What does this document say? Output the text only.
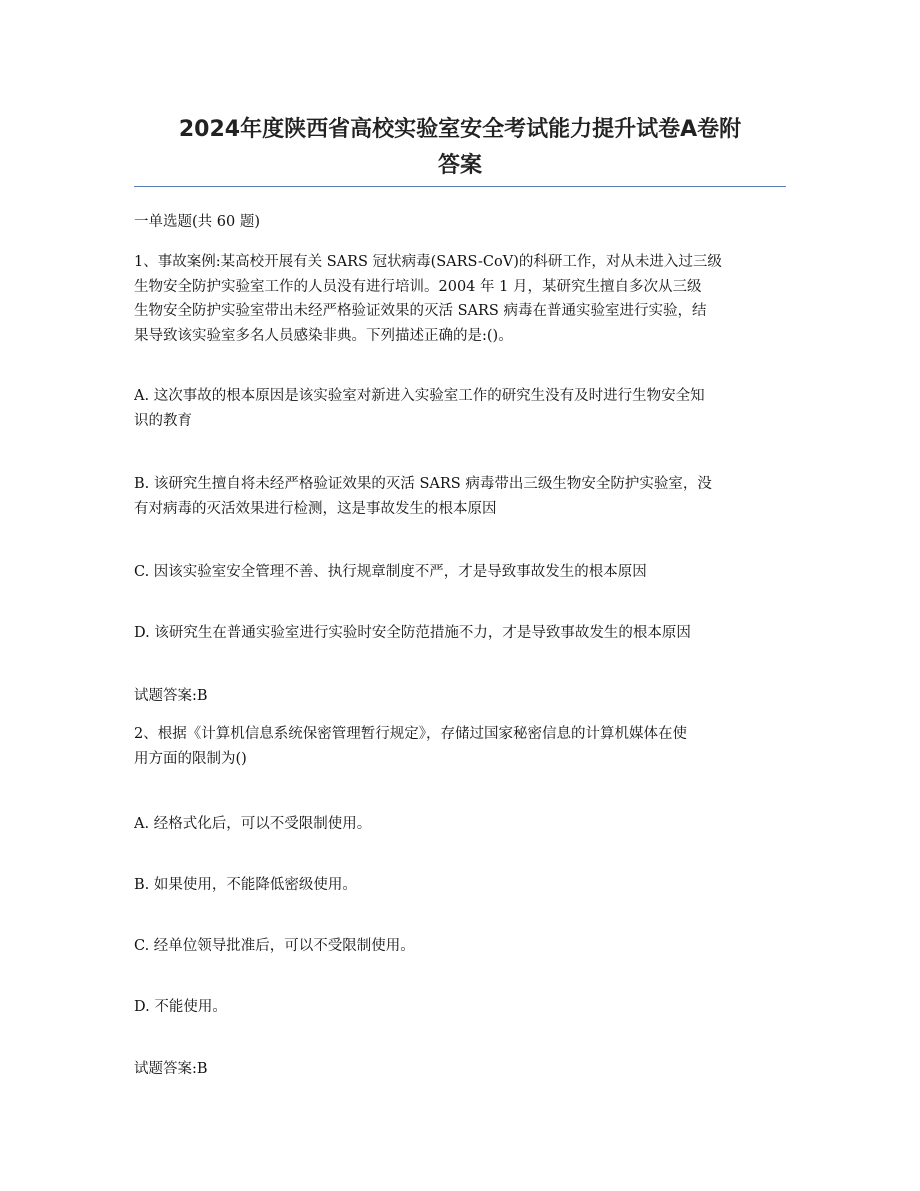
2024年度陕西省高校实验室安全考试能力提升试卷A卷附
答案
一单选题(共 60 题)
1、事故案例:某高校开展有关 SARS 冠状病毒(SARS-CoV)的科研工作，对从未进入过三级
生物安全防护实验室工作的人员没有进行培训。2004 年 1 月，某研究生擅自多次从三级
生物安全防护实验室带出未经严格验证效果的灭活 SARS 病毒在普通实验室进行实验，结
果导致该实验室多名人员感染非典。下列描述正确的是:()。
A. 这次事故的根本原因是该实验室对新进入实验室工作的研究生没有及时进行生物安全知
识的教育
B. 该研究生擅自将未经严格验证效果的灭活 SARS 病毒带出三级生物安全防护实验室，没
有对病毒的灭活效果进行检测，这是事故发生的根本原因
C. 因该实验室安全管理不善、执行规章制度不严，才是导致事故发生的根本原因
D. 该研究生在普通实验室进行实验时安全防范措施不力，才是导致事故发生的根本原因
试题答案:B
2、根据《计算机信息系统保密管理暂行规定》，存储过国家秘密信息的计算机媒体在使
用方面的限制为()
A. 经格式化后，可以不受限制使用。
B. 如果使用，不能降低密级使用。
C. 经单位领导批准后，可以不受限制使用。
D. 不能使用。
试题答案:B
